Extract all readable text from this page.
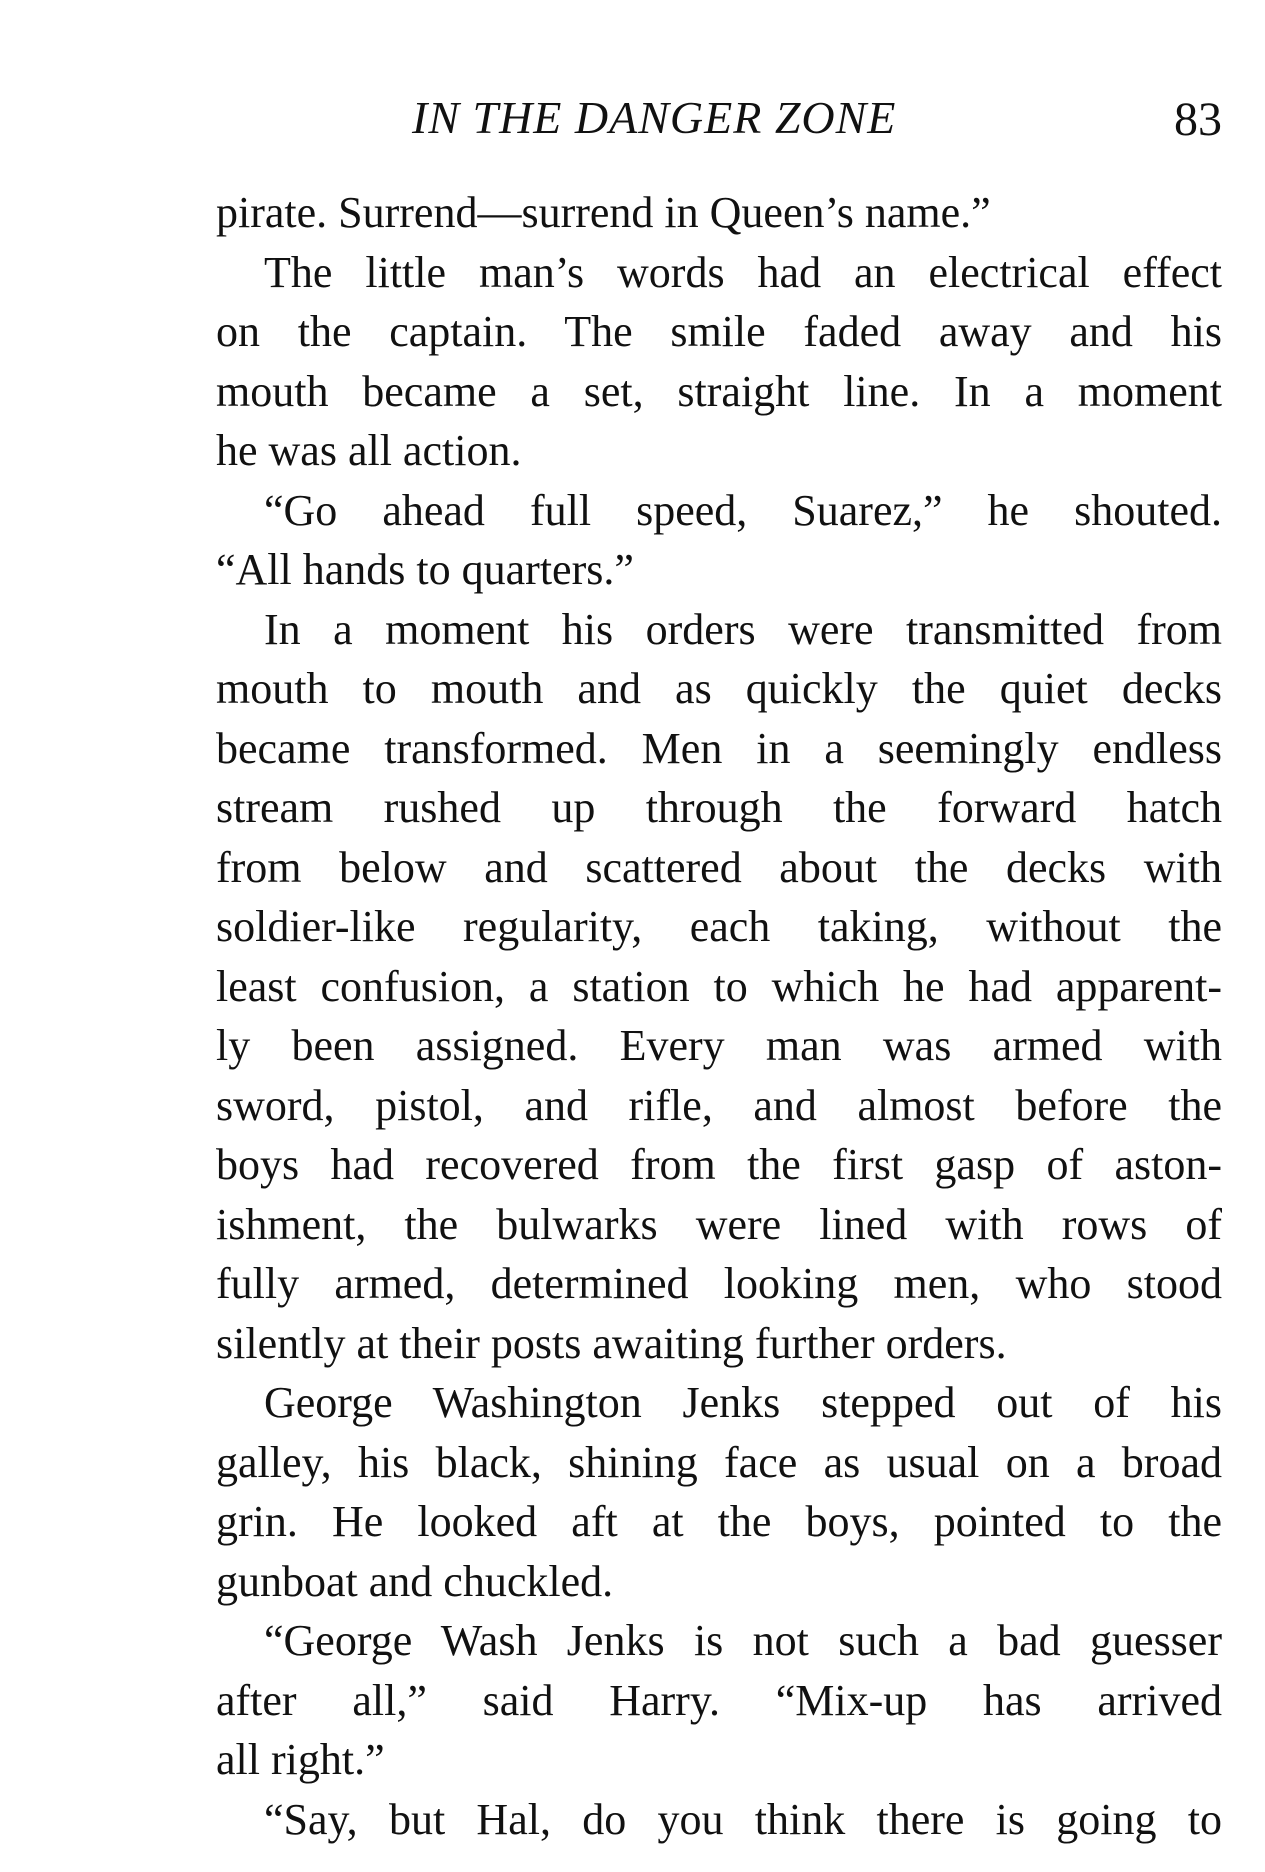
IN THE DANGER ZONE	83
pirate. Surrend—surrend in Queen’s name.”
The little man’s words had an electrical effect
on the captain. The smile faded away and his
mouth became a set, straight line. In a moment
he was all action.
“Go ahead full speed, Suarez,” he shouted.
“All hands to quarters.”
In a moment his orders were transmitted from
mouth to mouth and as quickly the quiet decks
became transformed. Men in a seemingly endless
stream rushed up through the forward hatch
from below and scattered about the decks with
soldier-like regularity, each taking, without the
least confusion, a station to which he had apparent-
ly been assigned. Every man was armed with
sword, pistol, and rifle, and almost before the
boys had recovered from the first gasp of aston-
ishment, the bulwarks were lined with rows of
fully armed, determined looking men, who stood
silently at their posts awaiting further orders.
George Washington Jenks stepped out of his
galley, his black, shining face as usual on a broad
grin. He looked aft at the boys, pointed to the
gunboat and chuckled.
“George Wash Jenks is not such a bad guesser
after all,” said Harry. “Mix-up has arrived
all right.”
“Say, but Hal, do you think there is going to
